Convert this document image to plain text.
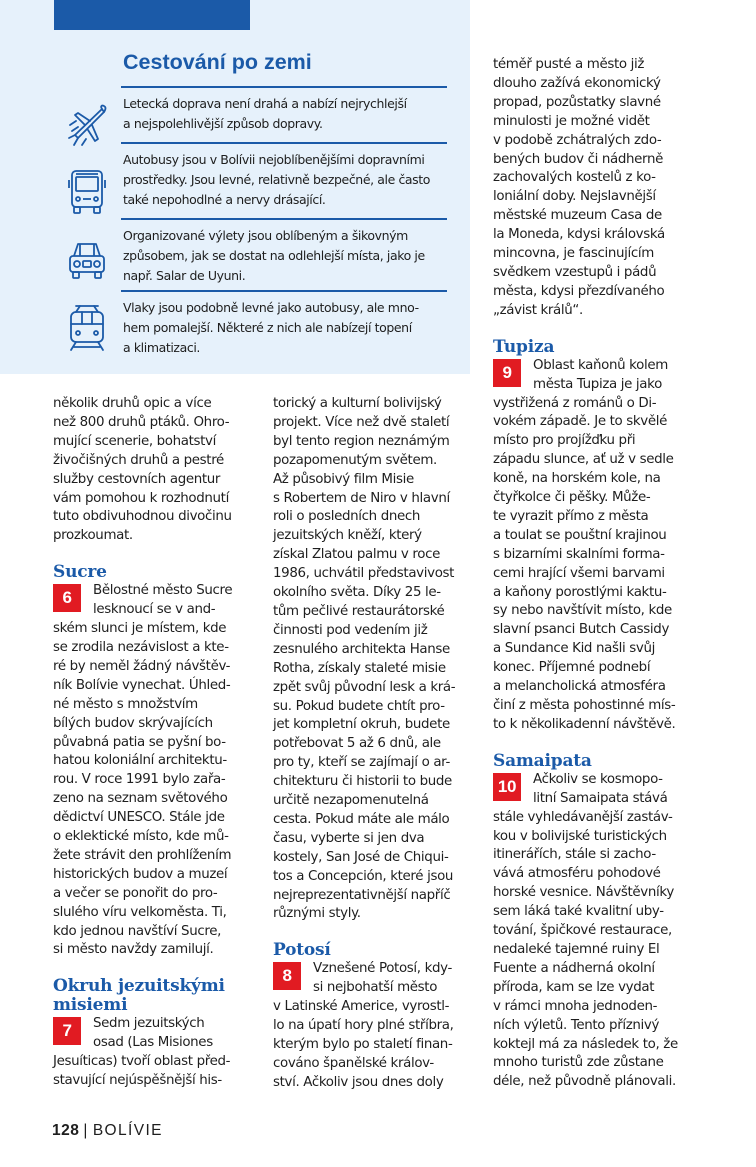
Cestování po zemi
Letecká doprava není drahá a nabízí nejrychlejší
a nejspolehlivější způsob dopravy.
Autobusy jsou v Bolívii nejoblíbenějšími dopravními
prostředky. Jsou levné, relativně bezpečné, ale často
také nepohodlné a nervy drásající.
Organizované výlety jsou oblíbeným a šikovným
způsobem, jak se dostat na odlehlejší místa, jako je
např. Salar de Uyuni.
Vlaky jsou podobně levné jako autobusy, ale mno-
hem pomalejší. Některé z nich ale nabízejí topení
a klimatizaci.
několik druhů opic a více
než 800 druhů ptáků. Ohro-
mující scenerie, bohatství
živočišných druhů a pestré
služby cestovních agentur
vám pomohou k rozhodnutí
tuto obdivuhodnou divočinu
prozkoumat.
Sucre
6	Bělostné město Sucre
lesknoucí se v and-
ském slunci je místem, kde
se zrodila nezávislost a kte-
ré by neměl žádný návštěv-
ník Bolívie vynechat. Úhled-
né město s množstvím
bílých budov skrývajících
půvabná patia se pyšní bo-
hatou koloniální architektu-
rou. V roce 1991 bylo zařa-
zeno na seznam světového
dědictví UNESCO. Stále jde
o eklektické místo, kde mů-
žete strávit den prohlížením
historických budov a muzeí
a večer se ponořit do pro-
slulého víru velkoměsta. Ti,
kdo jednou navštíví Sucre,
si město navždy zamilují.
Okruh jezuitskými
misiemi
7	Sedm jezuitských
osad (Las Misiones
Jesuíticas) tvoří oblast před-
stavující nejúspěšnější his-
torický a kulturní bolivijský
projekt. Více než dvě staletí
byl tento region neznámým
pozapomenutým světem.
Až působivý film Misie
s Robertem de Niro v hlavní
roli o posledních dnech
jezuitských kněží, který
získal Zlatou palmu v roce
1986, uchvátil představivost
okolního světa. Díky 25 le-
tům pečlivé restaurátorské
činnosti pod vedením již
zesnulého architekta Hanse
Rotha, získaly staleté misie
zpět svůj původní lesk a krá-
su. Pokud budete chtít pro-
jet kompletní okruh, budete
potřebovat 5 až 6 dnů, ale
pro ty, kteří se zajímají o ar-
chitekturu či historii to bude
určitě nezapomenutelná
cesta. Pokud máte ale málo
času, vyberte si jen dva
kostely, San José de Chiqui-
tos a Concepción, které jsou
nejreprezentativnější napříč
různými styly.
Potosí
8	Vznešené Potosí, kdy-
si nejbohatší město
v Latinské Americe, vyrostl-
lo na úpatí hory plné stříbra,
kterým bylo po staletí finan-
cováno španělské králov-
ství. Ačkoliv jsou dnes doly
téměř pusté a město již
dlouho zažívá ekonomický
propad, pozůstatky slavné
minulosti je možné vidět
v podobě zchátralých zdo-
bených budov či nádherně
zachovalých kostelů z ko-
loniální doby. Nejslavnější
městské muzeum Casa de
la Moneda, kdysi královská
mincovna, je fascinujícím
svědkem vzestupů i pádů
města, kdysi přezdívaného
„závist králů“.
Tupiza
9	Oblast kaňonů kolem
města Tupiza je jako
vystřižená z románů o Di-
vokém západě. Je to skvělé
místo pro projížďku při
západu slunce, ať už v sedle
koně, na horském kole, na
čtyřkolce či pěšky. Může-
te vyrazit přímo z města
a toulat se pouštní krajinou
s bizarními skalními forma-
cemi hrající všemi barvami
a kaňony porostlými kaktu-
sy nebo navštívit místo, kde
slavní psanci Butch Cassidy
a Sundance Kid našli svůj
konec. Příjemné podnebí
a melancholická atmosféra
činí z města pohostinné mís-
to k několikadenní návštěvě.
Samaipata
10	Ačkoliv se kosmopo-
litní Samaipata stává
stále vyhledávanější zastáv-
kou v bolivijské turistických
itinerářích, stále si zacho-
vává atmosféru pohodové
horské vesnice. Návštěvníky
sem láká také kvalitní uby-
tování, špičkové restaurace,
nedaleké tajemné ruiny El
Fuente a nádherná okolní
příroda, kam se lze vydat
v rámci mnoha jednoden-
ních výletů. Tento příznivý
koktejl má za následek to, že
mnoho turistů zde zůstane
déle, než původně plánovali.
128 | BOLÍVIE
